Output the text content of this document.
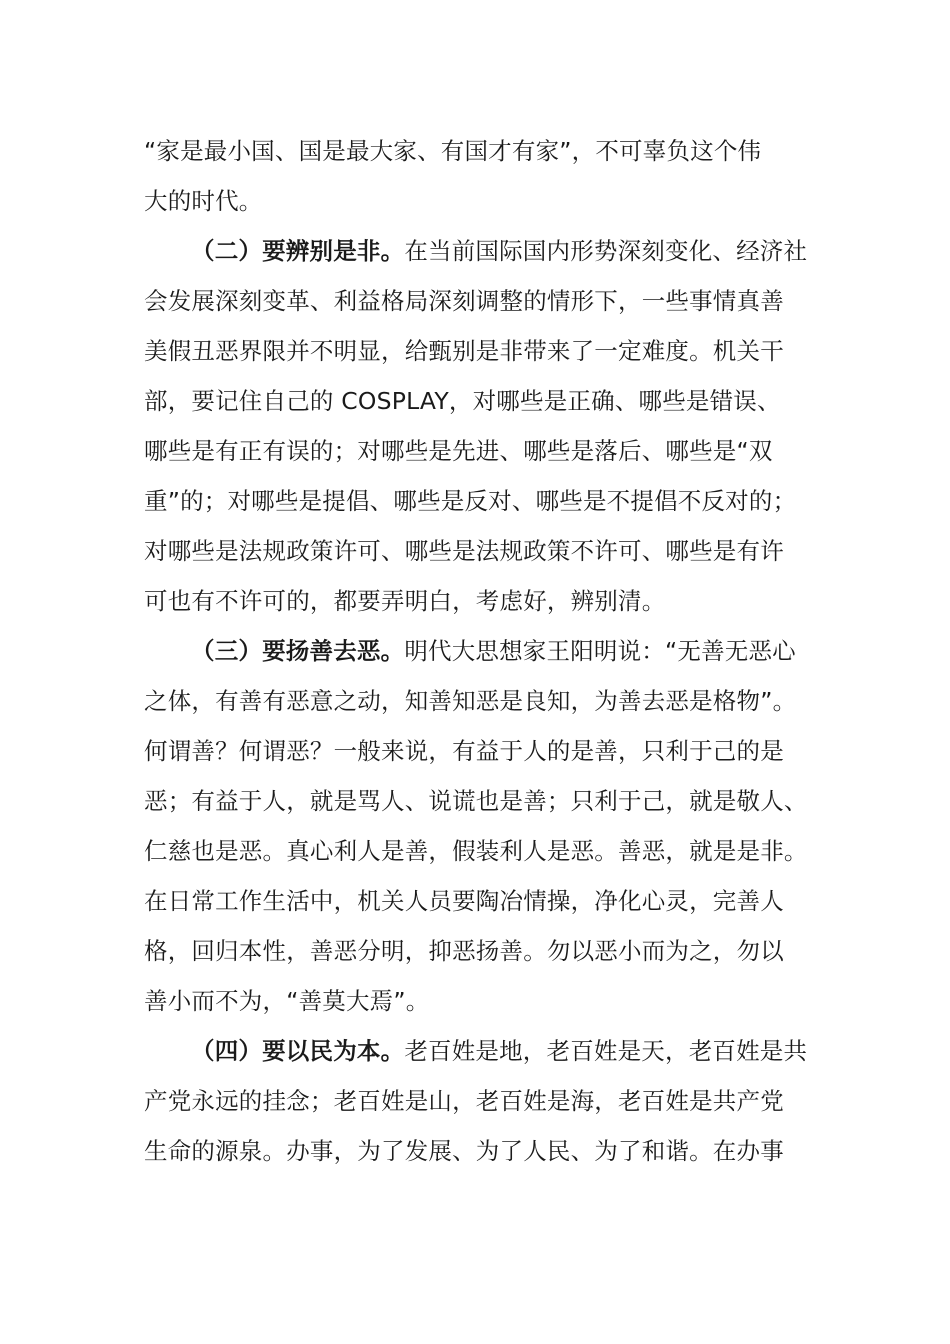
“家是最小国、国是最大家、有国才有家”，不可辜负这个伟
大的时代。
（二）要辨别是非。在当前国际国内形势深刻变化、经济社
会发展深刻变革、利益格局深刻调整的情形下，一些事情真善
美假丑恶界限并不明显，给甄别是非带来了一定难度。机关干
部，要记住自己的 COSPLAY，对哪些是正确、哪些是错误、
哪些是有正有误的；对哪些是先进、哪些是落后、哪些是“双
重”的；对哪些是提倡、哪些是反对、哪些是不提倡不反对的；
对哪些是法规政策许可、哪些是法规政策不许可、哪些是有许
可也有不许可的，都要弄明白，考虑好，辨别清。
（三）要扬善去恶。明代大思想家王阳明说：“无善无恶心
之体，有善有恶意之动，知善知恶是良知，为善去恶是格物”。
何谓善？何谓恶？一般来说，有益于人的是善，只利于己的是
恶；有益于人，就是骂人、说谎也是善；只利于己，就是敬人、
仁慈也是恶。真心利人是善，假装利人是恶。善恶，就是是非。
在日常工作生活中，机关人员要陶冶情操，净化心灵，完善人
格，回归本性，善恶分明，抑恶扬善。勿以恶小而为之，勿以
善小而不为，“善莫大焉”。
（四）要以民为本。老百姓是地，老百姓是天，老百姓是共
产党永远的挂念；老百姓是山，老百姓是海，老百姓是共产党
生命的源泉。办事，为了发展、为了人民、为了和谐。在办事
